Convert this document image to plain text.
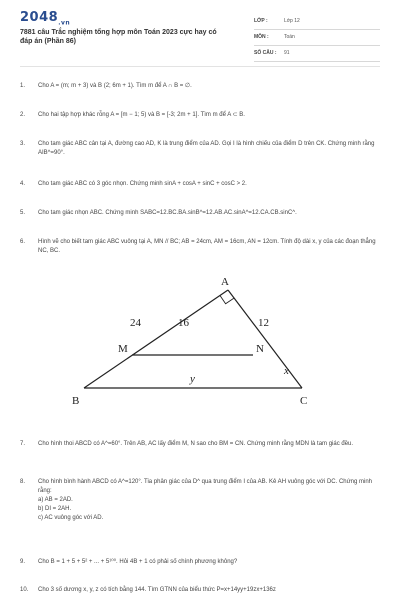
$2048_{.vn}$
7881 câu Trắc nghiệm tổng hợp môn Toán 2023 cực hay có đáp án (Phần 86)
LỚP :	Lớp 12
MÔN :	Toán
SỐ CÂU : 91
1.	Cho A = (m; m + 3) và B (2; 6m + 1). Tìm m để A ∩ B = ∅.
2.	Cho hai tập hợp khác rỗng A = [m − 1; 5) và B = [-3; 2m + 1]. Tìm m để A ⊂ B.
3.	Cho tam giác ABC cân tại A, đường cao AD, K là trung điểm của AD. Gọi I là hình chiếu của điểm D trên CK. Chứng minh rằng AIB^=90°.
4.	Cho tam giác ABC có 3 góc nhọn. Chứng minh sinA + cosA + sinC + cosC > 2.
5.	Cho tam giác nhọn ABC. Chứng minh SABC=12.BC.BA.sinB^=12.AB.AC.sinA^=12.CA.CB.sinC^.
6.	Hình vẽ cho biết tam giác ABC vuông tại A, MN // BC; AB = 24cm, AM = 16cm, AN = 12cm. Tính độ dài x, y của các đoạn thẳng NC, BC.
A
B	C
M	N
24	16	12
x
y
7.	Cho hình thoi ABCD có A^=60°. Trên AB, AC lấy điểm M, N sao cho BM = CN. Chứng minh rằng MDN là tam giác đều.
8.	Cho hình bình hành ABCD có A^=120°. Tia phân giác của D^ qua trung điểm I của AB. Kẻ AH vuông góc với DC. Chứng minh rằng:
a) AB = 2AD.
b) DI = 2AH.
c) AC vuông góc với AD.
9.	Cho B = 1 + 5 + 5² + ... + 5¹⁰⁰. Hỏi 4B + 1 có phải số chính phương không?
10.	Cho 3 số dương x, y, z có tích bằng 144. Tìm GTNN của biểu thức P=x+14yy+19zx+136z
